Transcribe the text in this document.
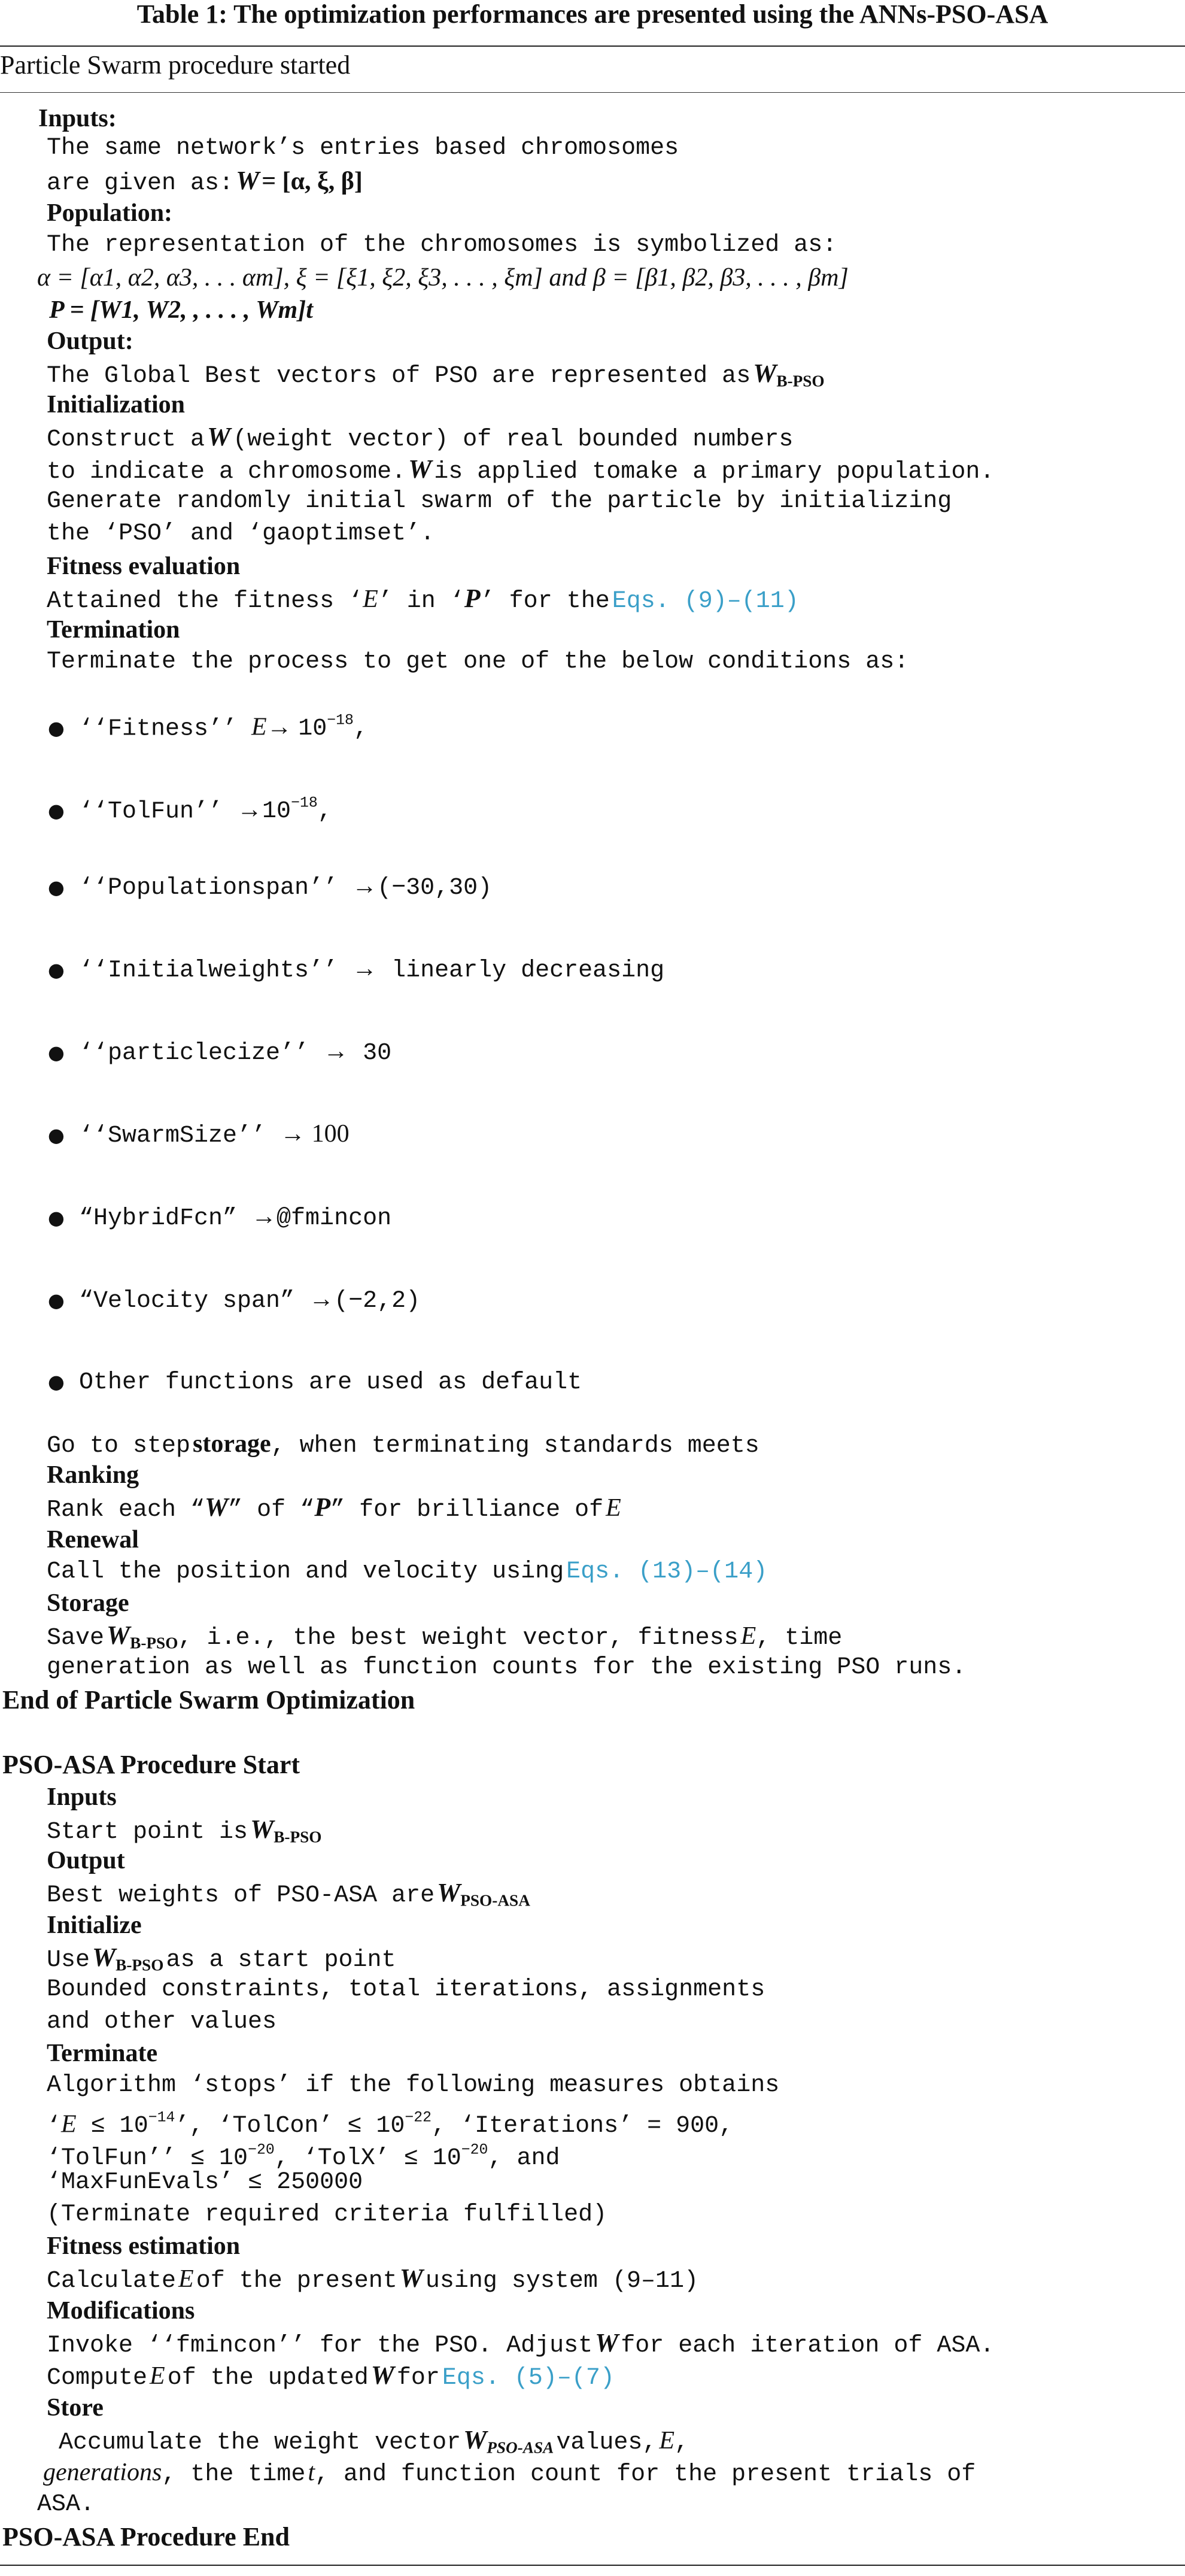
Table 1: The optimization performances are presented using the ANNs-PSO-ASA
Particle Swarm procedure started
Inputs:
The same network’s entries based chromosomes
are given as: W = [α, ξ, β]
Population:
The representation of the chromosomes is symbolized as:
α = [α1, α2, α3, . . . αm], ξ = [ξ1, ξ2, ξ3, . . . , ξm] and β = [β1, β2, β3, . . . , βm]
P = [W1, W2, , . . . , Wm]t
Output:
The Global Best vectors of PSO are represented as $W_{B-PSO}$
Initialization
Construct a W (weight vector) of real bounded numbers
to indicate a chromosome. W is applied tomake a primary population.
Generate randomly initial swarm of the particle by initializing
the ‘PSO’ and ‘gaoptimset’.
Fitness evaluation
Attained the fitness ‘E’ in ‘P’ for the Eqs. (9)–(11)
Termination
Terminate the process to get one of the below conditions as:
● ‘‘Fitness’’ $E\to 10^{-18}$,
● ‘‘TolFun’’ $\to 10^{-18}$,
● ‘‘Populationspan’’ →(−30,30)
● ‘‘Initialweights’’ → linearly decreasing
● ‘‘particlecize’’ → 30
● ‘‘SwarmSize’’ → 100
● “HybridFcn” →@fmincon
● “Velocity span” →(−2,2)
● Other functions are used as default
Go to step storage, when terminating standards meets
Ranking
Rank each “W” of “P” for brilliance of E
Renewal
Call the position and velocity using Eqs. (13)–(14)
Storage
Save $W_{B-PSO}$, i.e., the best weight vector, fitness E, time
generation as well as function counts for the existing PSO runs.
End of Particle Swarm Optimization
PSO-ASA Procedure Start
Inputs
Start point is $W_{B-PSO}$
Output
Best weights of PSO-ASA are $W_{PSO-ASA}$
Initialize
Use $W_{B-PSO}$ as a start point
Bounded constraints, total iterations, assignments
and other values
Terminate
Algorithm ‘stops’ if the following measures obtains
‘$E \le 10^{-14}$’, ‘TolCon’ ≤ $10^{-22}$, ‘Iterations’ = 900,
‘TolFun’’ ≤ $10^{-20}$, ‘TolX’ ≤ $10^{-20}$, and
‘MaxFunEvals’ ≤ 250000
(Terminate required criteria fulfilled)
Fitness estimation
Calculate E of the present W using system (9–11)
Modifications
Invoke ‘‘fmincon’’ for the PSO. Adjust W for each iteration of ASA.
Compute E of the updated W for Eqs. (5)–(7)
Store
Accumulate the weight vector WPSO-ASA values, E,
generations, the time t, and function count for the present trials of
ASA.
PSO-ASA Procedure End
